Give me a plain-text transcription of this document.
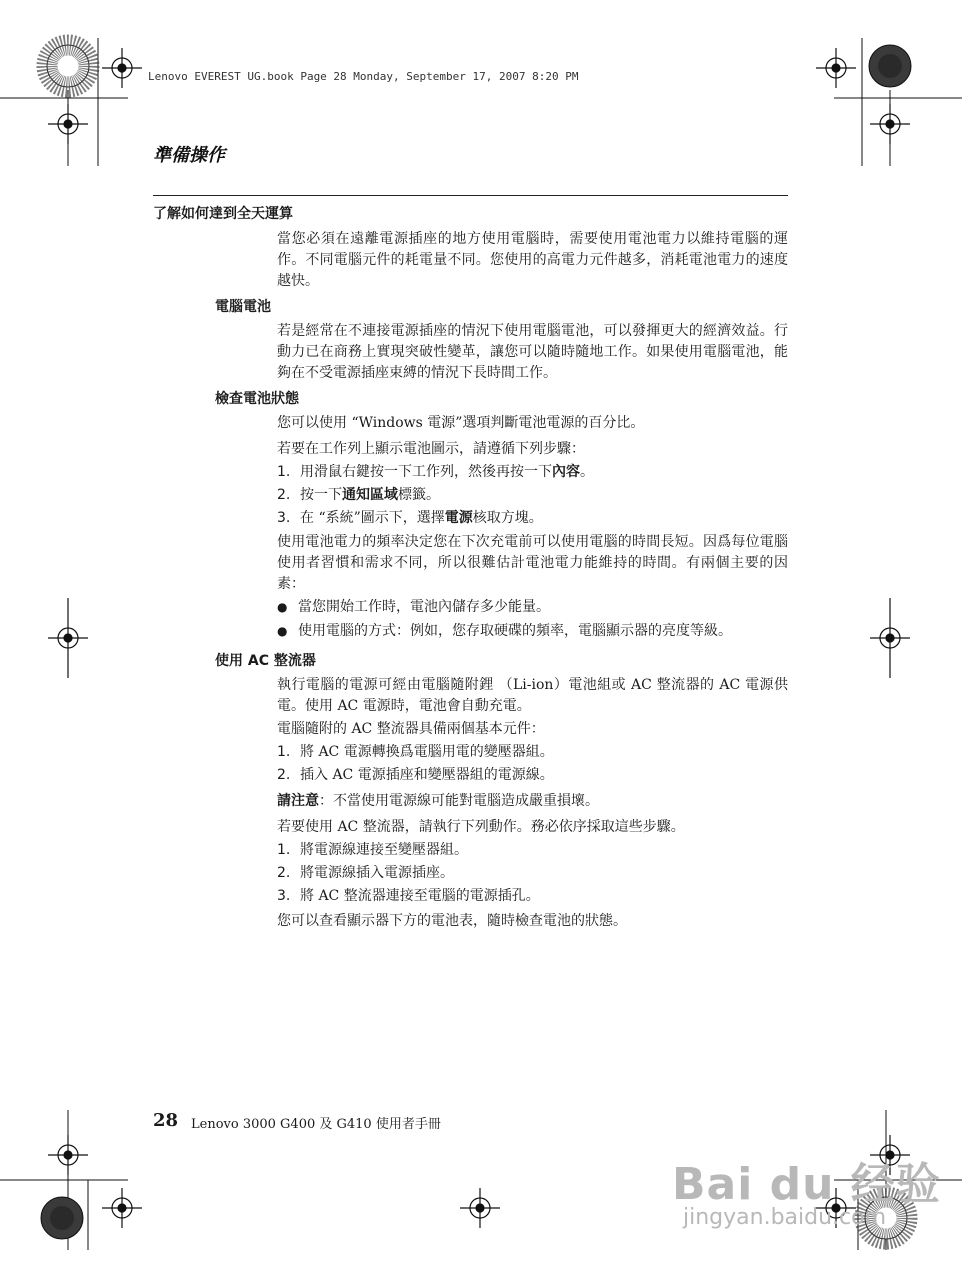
Lenovo EVEREST UG.book Page 28 Monday, September 17, 2007 8:20 PM
準備操作
了解如何達到全天運算
當您必須在遠離電源插座的地方使用電腦時，需要使用電池電力以維持電腦的運作。不同電腦元件的耗電量不同。您使用的高電力元件越多，消耗電池電力的速度越快。
電腦電池
若是經常在不連接電源插座的情況下使用電腦電池，可以發揮更大的經濟效益。行動力已在商務上實現突破性變革，讓您可以隨時隨地工作。如果使用電腦電池，能夠在不受電源插座束縛的情況下長時間工作。
檢查電池狀態
您可以使用 “Windows 電源”選項判斷電池電源的百分比。
若要在工作列上顯示電池圖示，請遵循下列步驟：
1. 用滑鼠右鍵按一下工作列，然後再按一下內容。
2. 按一下通知區域標籤。
3. 在 “系統”圖示下，選擇電源核取方塊。
使用電池電力的頻率決定您在下次充電前可以使用電腦的時間長短。因爲每位電腦使用者習慣和需求不同，所以很難估計電池電力能維持的時間。有兩個主要的因素：
● 當您開始工作時，電池內儲存多少能量。
● 使用電腦的方式：例如，您存取硬碟的頻率，電腦顯示器的亮度等級。
使用 AC 整流器
執行電腦的電源可經由電腦隨附鋰 （Li-ion）電池組或 AC 整流器的 AC 電源供電。使用 AC 電源時，電池會自動充電。
電腦隨附的 AC 整流器具備兩個基本元件：
1. 將 AC 電源轉換爲電腦用電的變壓器組。
2. 插入 AC 電源插座和變壓器組的電源線。
請注意：不當使用電源線可能對電腦造成嚴重損壞。
若要使用 AC 整流器，請執行下列動作。務必依序採取這些步驟。
1. 將電源線連接至變壓器組。
2. 將電源線插入電源插座。
3. 將 AC 整流器連接至電腦的電源插孔。
您可以查看顯示器下方的電池表，隨時檢查電池的狀態。
28 Lenovo 3000 G400 及 G410 使用者手冊
Bai du 经验
jingyan.baidu.com
